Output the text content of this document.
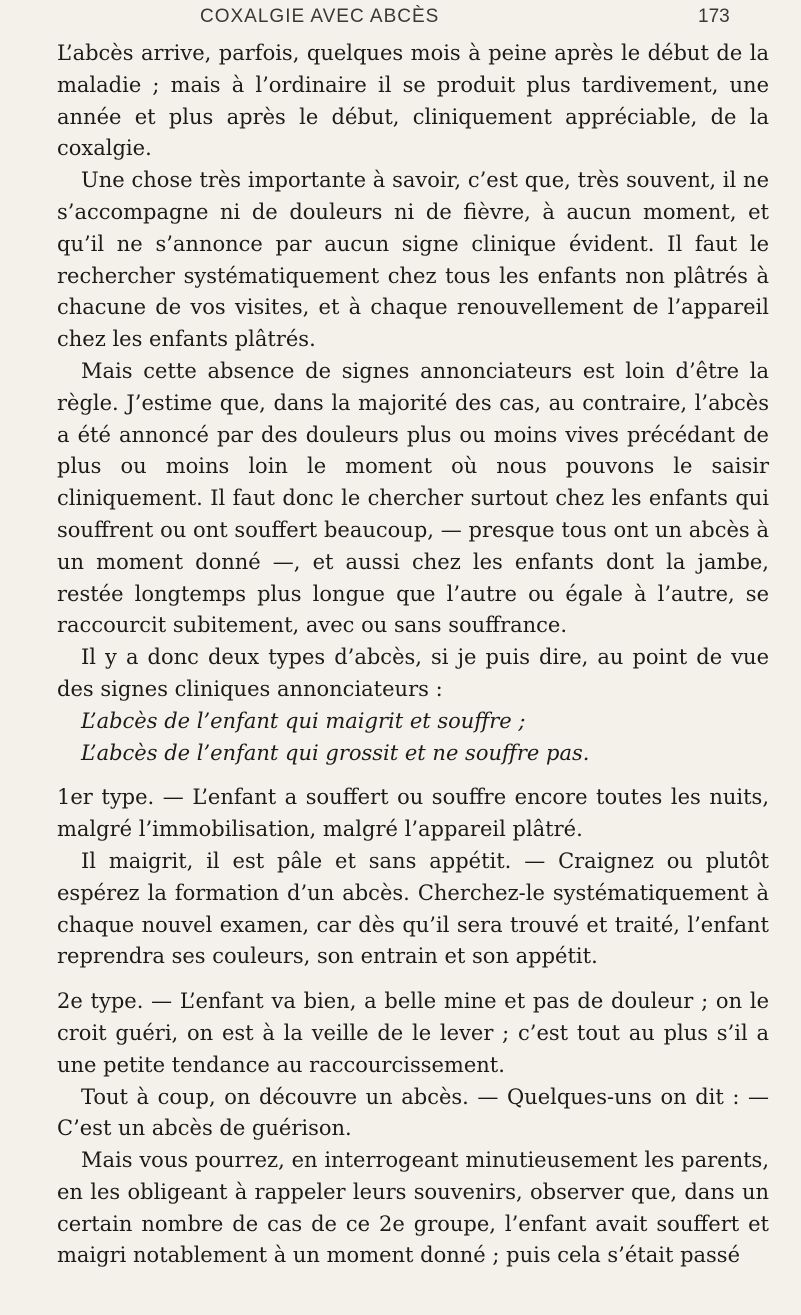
COXALGIE AVEC ABCÈS	173

L’abcès arrive, parfois, quelques mois à peine après le début de la maladie ; mais à l’ordinaire il se produit plus tardivement, une année et plus après le début, cliniquement appréciable, de la coxalgie.

Une chose très importante à savoir, c’est que, très souvent, il ne s’accompagne ni de douleurs ni de fièvre, à aucun moment, et qu’il ne s’annonce par aucun signe clinique évident. Il faut le rechercher systématiquement chez tous les enfants non plâtrés à chacune de vos visites, et à chaque renouvellement de l’appareil chez les enfants plâtrés.

Mais cette absence de signes annonciateurs est loin d’être la règle. J’estime que, dans la majorité des cas, au contraire, l’abcès a été annoncé par des douleurs plus ou moins vives précédant de plus ou moins loin le moment où nous pouvons le saisir cliniquement. Il faut donc le chercher surtout chez les enfants qui souffrent ou ont souffert beaucoup, — presque tous ont un abcès à un moment donné —, et aussi chez les enfants dont la jambe, restée longtemps plus longue que l’autre ou égale à l’autre, se raccourcit subitement, avec ou sans souffrance.

Il y a donc deux types d’abcès, si je puis dire, au point de vue des signes cliniques annonciateurs :

L’abcès de l’enfant qui maigrit et souffre ;

L’abcès de l’enfant qui grossit et ne souffre pas.

1er type. — L’enfant a souffert ou souffre encore toutes les nuits, malgré l’immobilisation, malgré l’appareil plâtré.

Il maigrit, il est pâle et sans appétit. — Craignez ou plutôt espérez la formation d’un abcès. Cherchez-le systématiquement à chaque nouvel examen, car dès qu’il sera trouvé et traité, l’enfant reprendra ses couleurs, son entrain et son appétit.

2e type. — L’enfant va bien, a belle mine et pas de douleur ; on le croit guéri, on est à la veille de le lever ; c’est tout au plus s’il a une petite tendance au raccourcissement.

Tout à coup, on découvre un abcès. — Quelques-uns on dit : — C’est un abcès de guérison.

Mais vous pourrez, en interrogeant minutieusement les parents, en les obligeant à rappeler leurs souvenirs, observer que, dans un certain nombre de cas de ce 2e groupe, l’enfant avait souffert et maigri notablement à un moment donné ; puis cela s’était passé
